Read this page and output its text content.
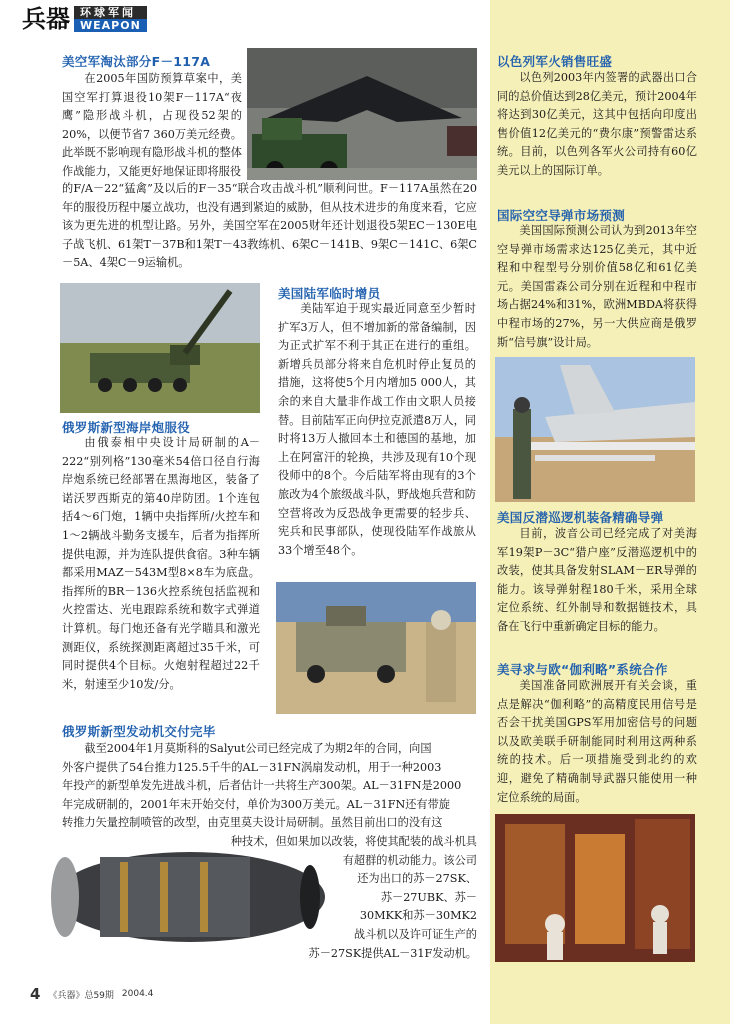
兵器 环球军闻
WEAPON
美空军淘汰部分F－117A

在2005年国防预算草案中，美国空军打算退役10架F－117A“夜鹰”隐形战斗机，占现役52架的20%，以便节省7 360万美元经费。此举既不影响现有隐形战斗机的整体作战能力，又能更好地保证即将服役

的F/A－22“猛禽”及以后的F－35“联合攻击战斗机”顺利问世。F－117A虽然在20年的服役历程中屡立战功，也没有遇到紧迫的威胁，但从技术进步的角度来看，它应该为更先进的机型让路。另外，美国空军在2005财年还计划退役5架EC－130E电子战飞机、61架T－37B和1架T－43教练机、6架C－141B、9架C－141C、6架C－5A、4架C－9运输机。

俄罗斯新型海岸炮服役

由俄泰相中央设计局研制的A－222“别列格”130毫米54倍口径自行海岸炮系统已经部署在黑海地区，装备了诺沃罗西斯克的第40岸防团。1个连包括4～6门炮，1辆中央指挥所/火控车和1～2辆战斗勤务支援车，后者为指挥所提供电源，并为连队提供食宿。3种车辆都采用MAZ－543M型8×8车为底盘。指挥所的BR－136火控系统包括监视和火控雷达、光电跟踪系统和数字式弹道计算机。每门炮还备有光学瞄具和激光测距仪，系统探测距离超过35千米，可同时提供4个目标。火炮射程超过22千米，射速至少10发/分。

美国陆军临时增员

美陆军迫于现实最近同意至少暂时扩军3万人，但不增加新的常备编制，因为正式扩军不利于其正在进行的重组。新增兵员部分将来自危机时停止复员的措施，这将使5个月内增加5 000人，其余的来自大量非作战工作由文职人员接替。目前陆军正向伊拉克派遣8万人，同时将13万人撤回本土和德国的基地，加上在阿富汗的轮换，共涉及现有10个现役师中的8个。今后陆军将由现有的3个旅改为4个旅级战斗队，野战炮兵营和防空营将改为反恐战争更需要的轻步兵、宪兵和民事部队，使现役陆军作战旅从33个增至48个。

俄罗斯新型发动机交付完毕
截至2004年1月莫斯科的Salyut公司已经完成了为期2年的合同，向国
外客户提供了54台推力125.5千牛的AL－31FN涡扇发动机，用于一种2003
年投产的新型单发先进战斗机，后者估计一共将生产300架。AL－31FN是2000
年完成研制的，2001年末开始交付，单价为300万美元。AL－31FN还有带旋
转推力矢量控制喷管的改型，由克里莫夫设计局研制。虽然目前出口的没有这
种技术，但如果加以改装，将使其配装的战斗机具
有超群的机动能力。该公司
还为出口的苏－27SK、
苏－27UBK、苏－
30MKK和苏－30MK2
战斗机以及许可证生产的
苏－27SK提供AL－31F发动机。
以色列军火销售旺盛

以色列2003年内签署的武器出口合同的总价值达到28亿美元，预计2004年将达到30亿美元，这其中包括向印度出售价值12亿美元的“费尔康”预警雷达系统。目前，以色列各军火公司持有60亿美元以上的国际订单。

国际空空导弹市场预测

美国国际预测公司认为到2013年空空导弹市场需求达125亿美元，其中近程和中程型号分别价值58亿和61亿美元。美国雷森公司分别在近程和中程市场占据24%和31%，欧洲MBDA将获得中程市场的27%，另一大供应商是俄罗斯“信号旗”设计局。

美国反潜巡逻机装备精确导弹

目前，波音公司已经完成了对美海军19架P－3C“猎户座”反潜巡逻机中的改装，使其具备发射SLAM－ER导弹的能力。该导弹射程180千米，采用全球定位系统、红外制导和数据链技术，具备在飞行中重新确定目标的能力。

美寻求与欧“伽利略”系统合作

美国准备同欧洲展开有关会谈，重点是解决“伽利略”的高精度民用信号是否会干扰美国GPS军用加密信号的问题以及欧美联手研制能同时利用这两种系统的技术。后一项措施受到北约的欢迎，避免了精确制导武器只能使用一种定位系统的局面。

4 《兵器》总59期 2004.4
